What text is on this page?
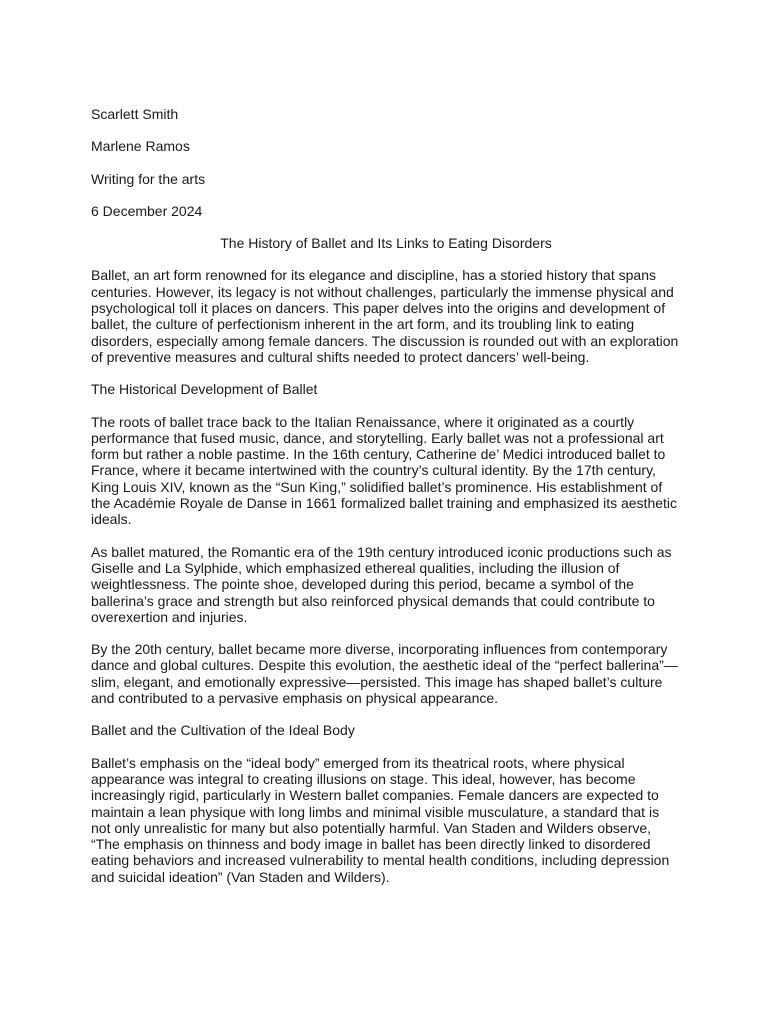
Scarlett Smith
Marlene Ramos
Writing for the arts
6 December 2024
The History of Ballet and Its Links to Eating Disorders
Ballet, an art form renowned for its elegance and discipline, has a storied history that spans centuries. However, its legacy is not without challenges, particularly the immense physical and psychological toll it places on dancers. This paper delves into the origins and development of ballet, the culture of perfectionism inherent in the art form, and its troubling link to eating disorders, especially among female dancers. The discussion is rounded out with an exploration of preventive measures and cultural shifts needed to protect dancers’ well-being.
The Historical Development of Ballet
The roots of ballet trace back to the Italian Renaissance, where it originated as a courtly performance that fused music, dance, and storytelling. Early ballet was not a professional art form but rather a noble pastime. In the 16th century, Catherine de’ Medici introduced ballet to France, where it became intertwined with the country’s cultural identity. By the 17th century, King Louis XIV, known as the “Sun King,” solidified ballet’s prominence. His establishment of the Académie Royale de Danse in 1661 formalized ballet training and emphasized its aesthetic ideals.
As ballet matured, the Romantic era of the 19th century introduced iconic productions such as Giselle and La Sylphide, which emphasized ethereal qualities, including the illusion of weightlessness. The pointe shoe, developed during this period, became a symbol of the ballerina’s grace and strength but also reinforced physical demands that could contribute to overexertion and injuries.
By the 20th century, ballet became more diverse, incorporating influences from contemporary dance and global cultures. Despite this evolution, the aesthetic ideal of the “perfect ballerina”—slim, elegant, and emotionally expressive—persisted. This image has shaped ballet’s culture and contributed to a pervasive emphasis on physical appearance.
Ballet and the Cultivation of the Ideal Body
Ballet’s emphasis on the “ideal body” emerged from its theatrical roots, where physical appearance was integral to creating illusions on stage. This ideal, however, has become increasingly rigid, particularly in Western ballet companies. Female dancers are expected to maintain a lean physique with long limbs and minimal visible musculature, a standard that is not only unrealistic for many but also potentially harmful. Van Staden and Wilders observe, “The emphasis on thinness and body image in ballet has been directly linked to disordered eating behaviors and increased vulnerability to mental health conditions, including depression and suicidal ideation” (Van Staden and Wilders).
